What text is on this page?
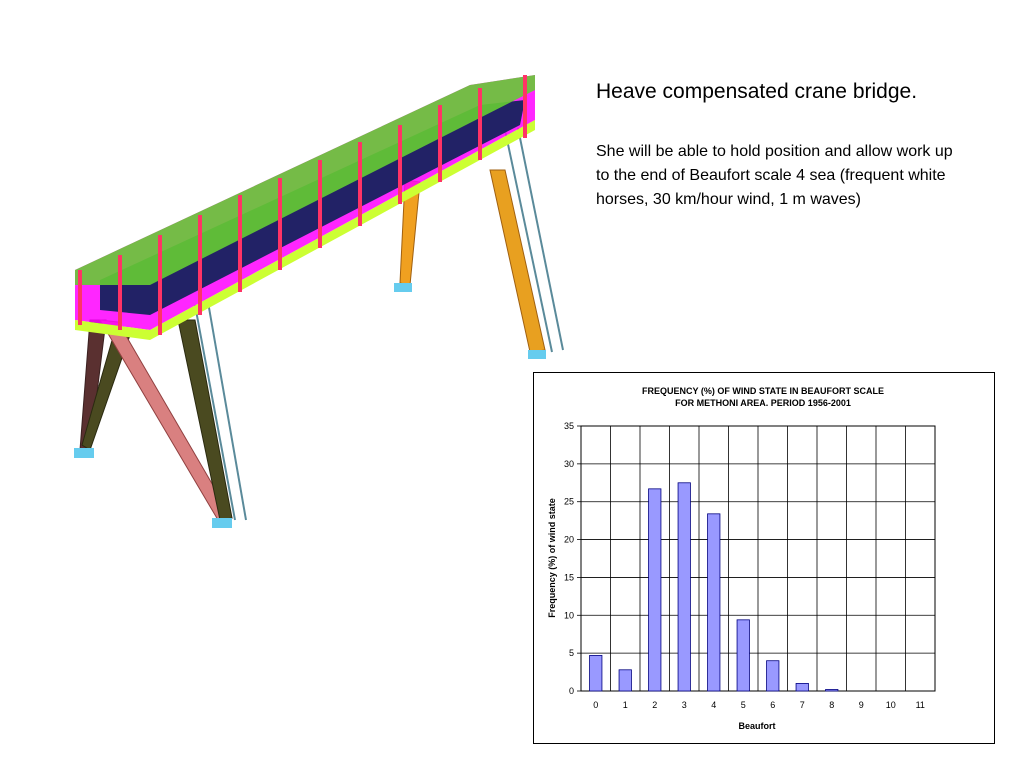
Heave compensated crane bridge.
She will be able to hold position and allow work up to the end of Beaufort scale 4 sea (frequent white horses, 30 km/hour wind, 1 m waves)
FREQUENCY (%) OF WIND STATE IN BEAUFORT SCALE
FOR METHONI AREA. PERIOD 1956-2001
Frequency (%) of wind state
Beaufort
0
5
10
15
20
25
30
35
0	1	2	3	4	5	6	7	8	9 10 11
